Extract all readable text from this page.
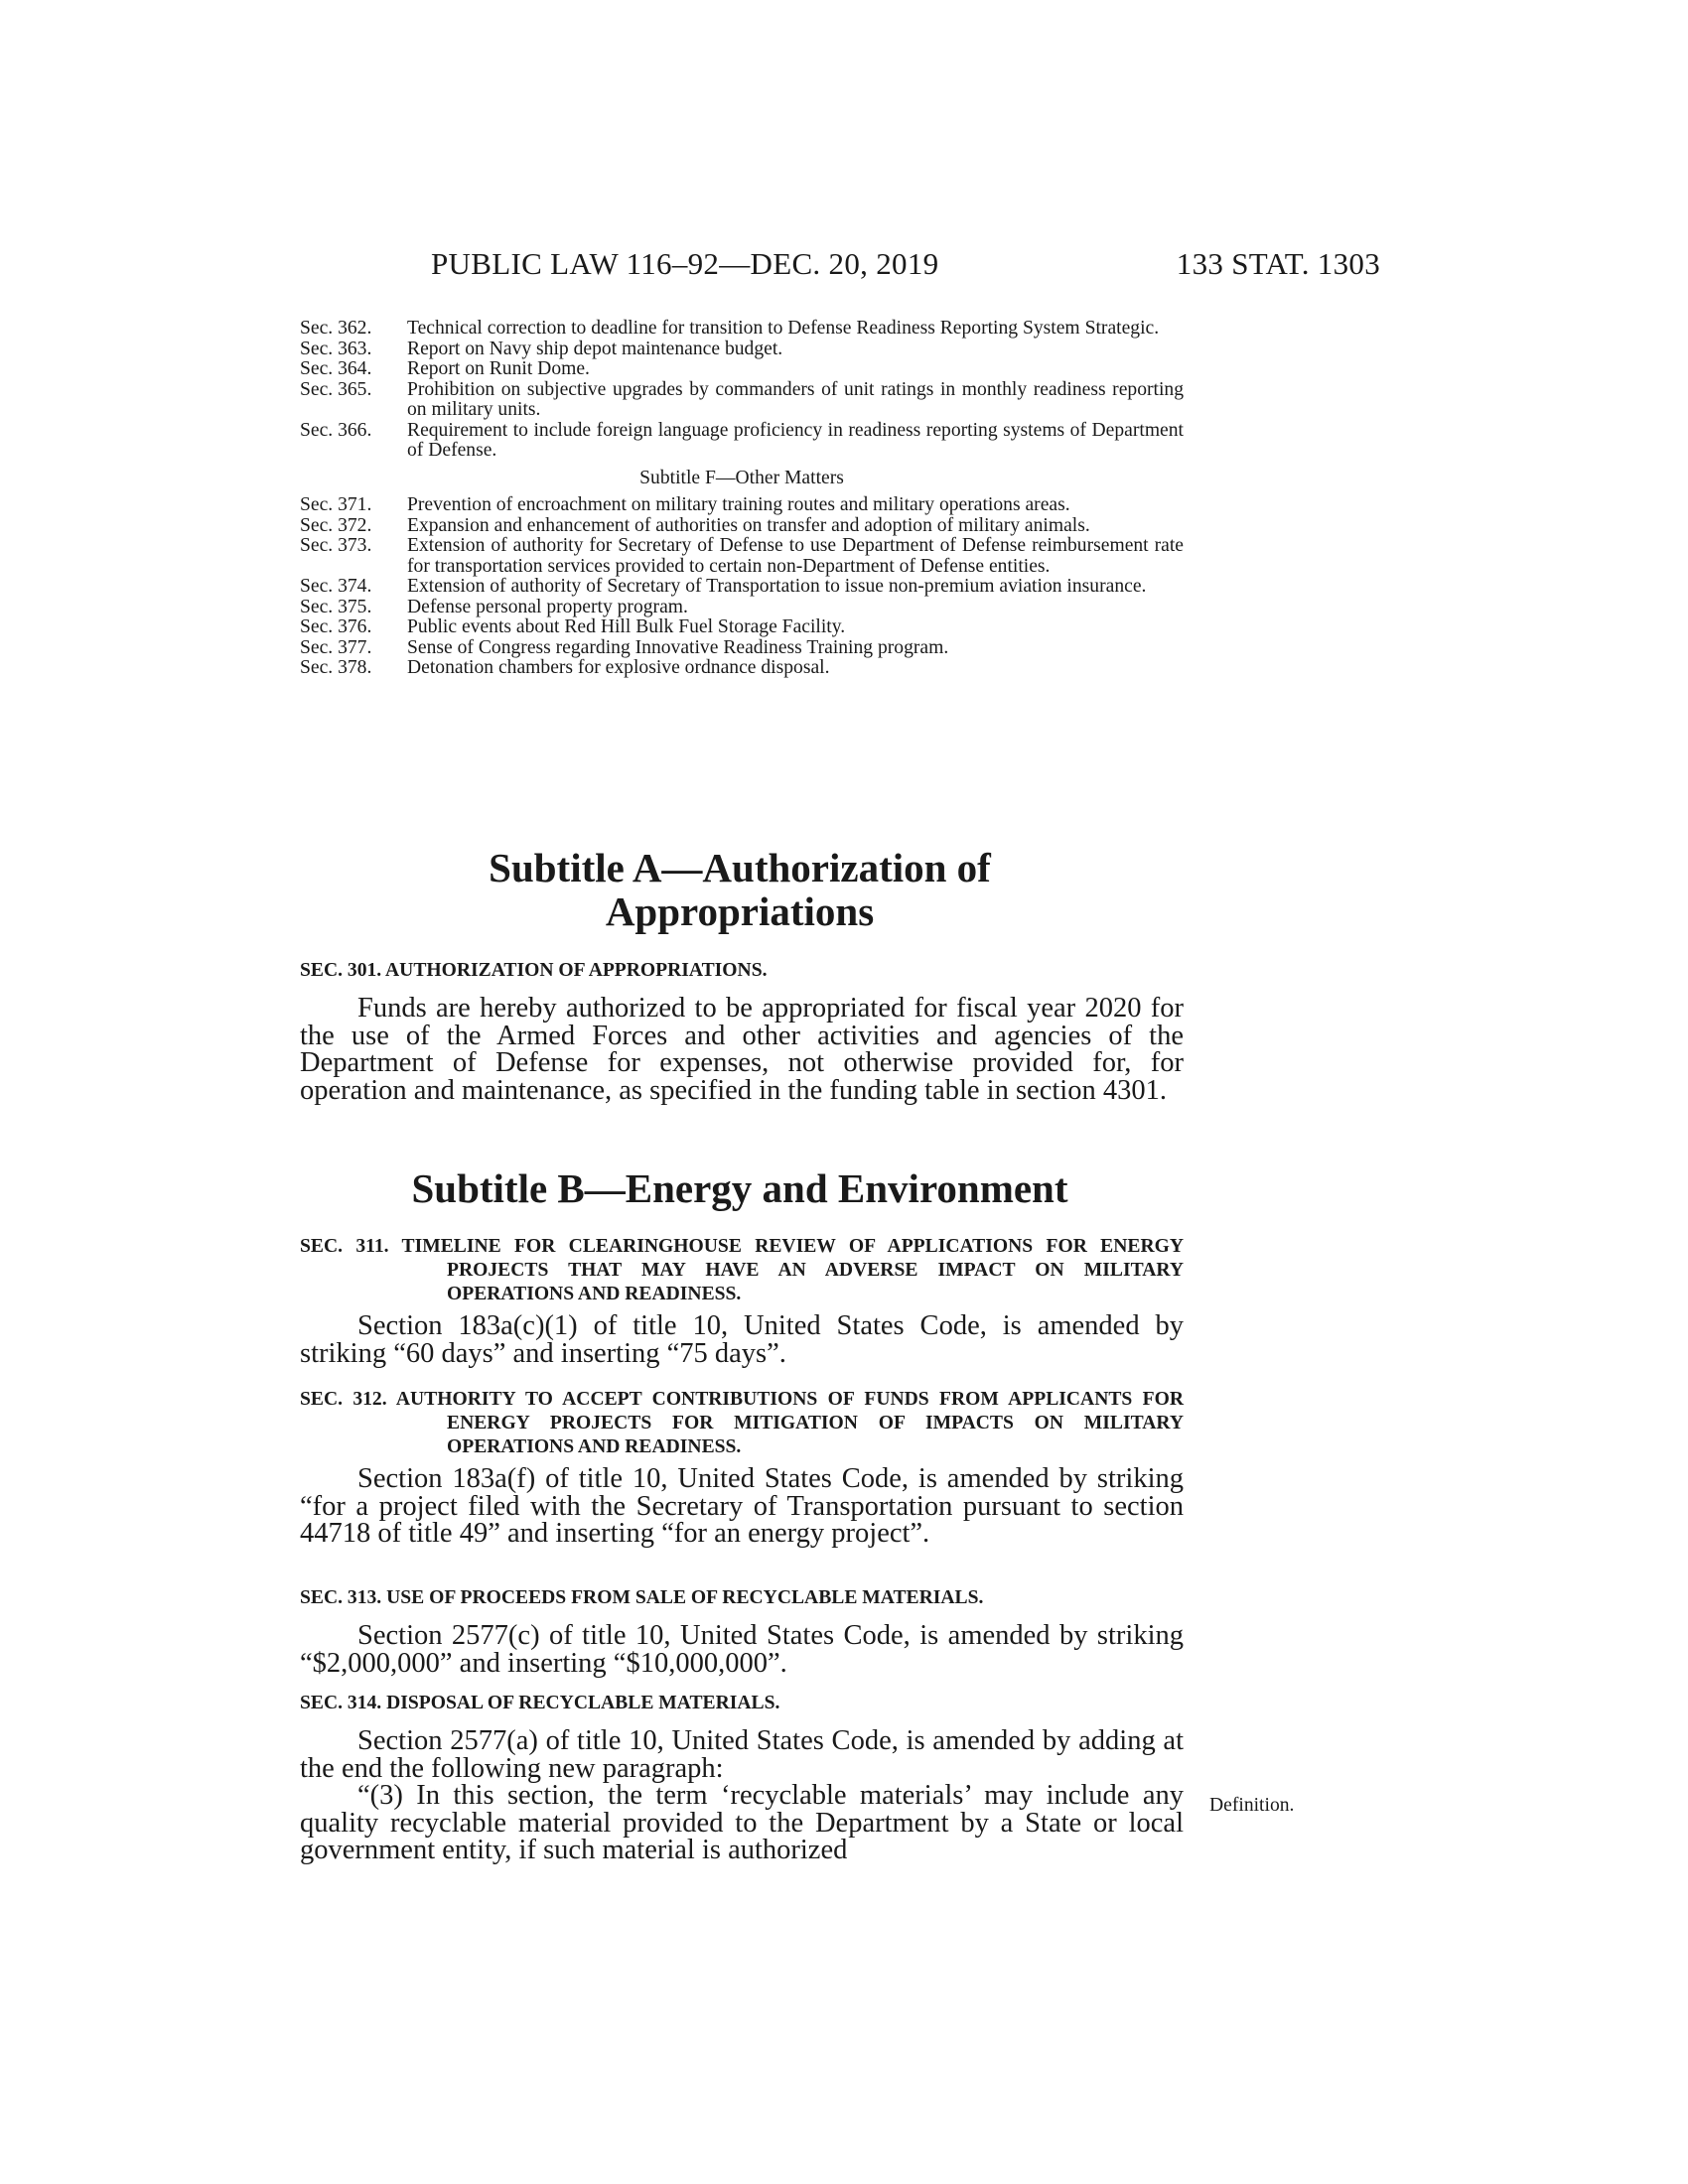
PUBLIC LAW 116–92—DEC. 20, 2019	133 STAT. 1303
Sec. 362. Technical correction to deadline for transition to Defense Readiness Reporting System Strategic.
Sec. 363. Report on Navy ship depot maintenance budget.
Sec. 364. Report on Runit Dome.
Sec. 365. Prohibition on subjective upgrades by commanders of unit ratings in monthly readiness reporting on military units.
Sec. 366. Requirement to include foreign language proficiency in readiness reporting systems of Department of Defense.
Subtitle F—Other Matters
Sec. 371. Prevention of encroachment on military training routes and military operations areas.
Sec. 372. Expansion and enhancement of authorities on transfer and adoption of military animals.
Sec. 373. Extension of authority for Secretary of Defense to use Department of Defense reimbursement rate for transportation services provided to certain non-Department of Defense entities.
Sec. 374. Extension of authority of Secretary of Transportation to issue non-premium aviation insurance.
Sec. 375. Defense personal property program.
Sec. 376. Public events about Red Hill Bulk Fuel Storage Facility.
Sec. 377. Sense of Congress regarding Innovative Readiness Training program.
Sec. 378. Detonation chambers for explosive ordnance disposal.
Subtitle A—Authorization of
Appropriations
SEC. 301. AUTHORIZATION OF APPROPRIATIONS.

Funds are hereby authorized to be appropriated for fiscal year 2020 for the use of the Armed Forces and other activities and agencies of the Department of Defense for expenses, not otherwise provided for, for operation and maintenance, as specified in the funding table in section 4301.

Subtitle B—Energy and Environment
SEC. 311. TIMELINE FOR CLEARINGHOUSE REVIEW OF APPLICATIONS FOR ENERGY PROJECTS THAT MAY HAVE AN ADVERSE IMPACT ON MILITARY OPERATIONS AND READINESS.

Section 183a(c)(1) of title 10, United States Code, is amended by striking “60 days” and inserting “75 days”.

SEC. 312. AUTHORITY TO ACCEPT CONTRIBUTIONS OF FUNDS FROM APPLICANTS FOR ENERGY PROJECTS FOR MITIGATION OF IMPACTS ON MILITARY OPERATIONS AND READINESS.

Section 183a(f) of title 10, United States Code, is amended by striking “for a project filed with the Secretary of Transportation pursuant to section 44718 of title 49” and inserting “for an energy project”.

SEC. 313. USE OF PROCEEDS FROM SALE OF RECYCLABLE MATERIALS.

Section 2577(c) of title 10, United States Code, is amended by striking “$2,000,000” and inserting “$10,000,000”.

SEC. 314. DISPOSAL OF RECYCLABLE MATERIALS.

Section 2577(a) of title 10, United States Code, is amended by adding at the end the following new paragraph:

“(3) In this section, the term ‘recyclable materials’ may include any quality recyclable material provided to the Department by a State or local government entity, if such material is authorized

Definition.
